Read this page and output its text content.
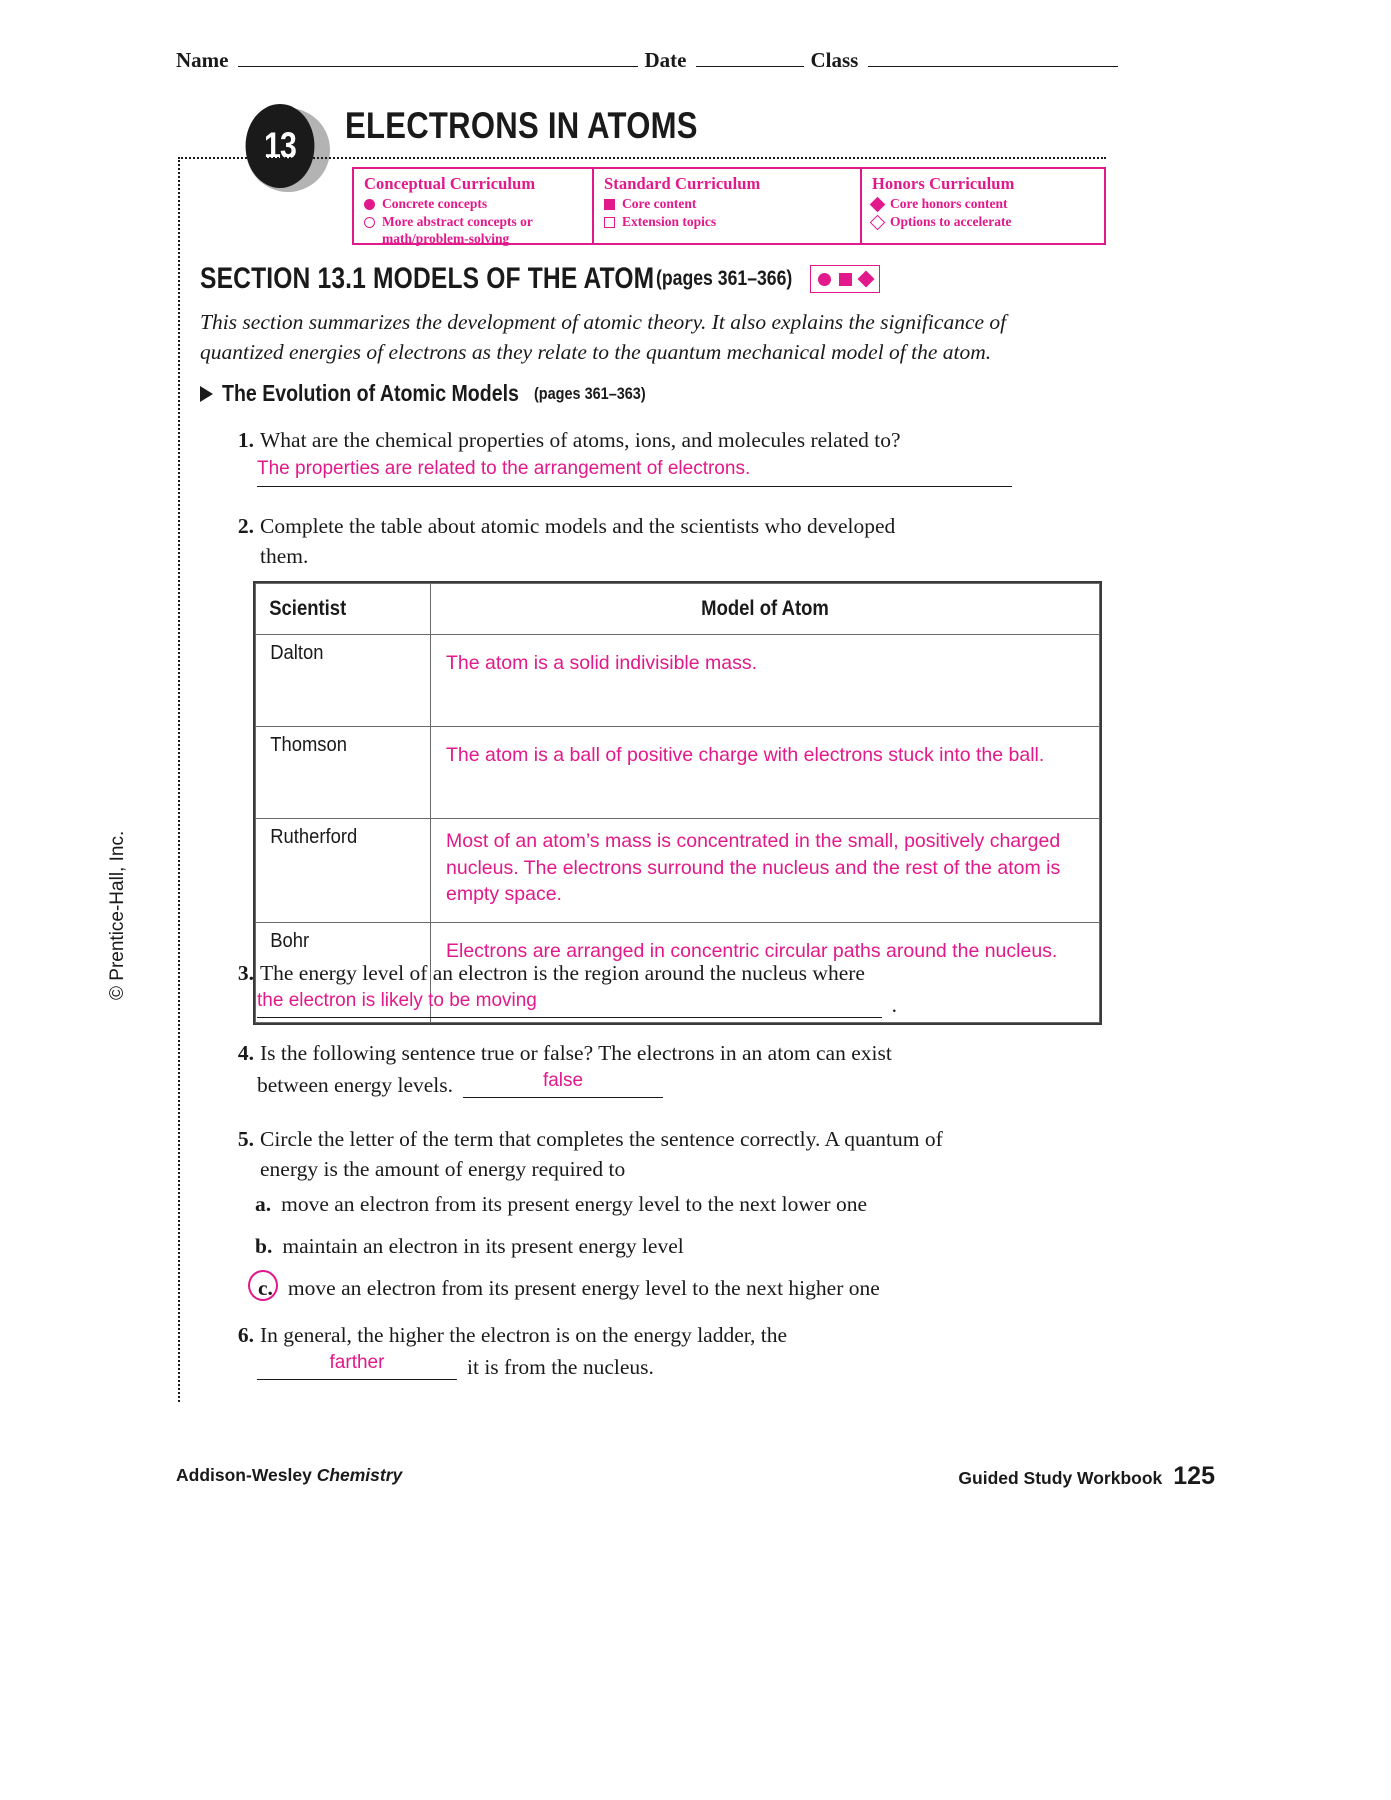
Name	Date	Class
13	ELECTRONS IN ATOMS
Conceptual Curriculum
Concrete concepts
More abstract concepts or
math/problem-solving
Standard Curriculum
Core content
Extension topics
Honors Curriculum
Core honors content
Options to accelerate
SECTION 13.1 MODELS OF THE ATOM (pages 361–366)
This section summarizes the development of atomic theory. It also explains the significance of quantized energies of electrons as they relate to the quantum mechanical model of the atom.
The Evolution of Atomic Models (pages 361–363)
1. What are the chemical properties of atoms, ions, and molecules related to?
The properties are related to the arrangement of electrons.
2. Complete the table about atomic models and the scientists who developed them.
Scientist	Model of Atom

Dalton	The atom is a solid indivisible mass.
Thomson	The atom is a ball of positive charge with electrons stuck into the ball.
Rutherford	Most of an atom’s mass is concentrated in the small, positively charged nucleus. The electrons surround the nucleus and the rest of the atom is empty space.
Bohr	Electrons are arranged in concentric circular paths around the nucleus.
3. The energy level of an electron is the region around the nucleus where
the electron is likely to be moving	.
4. Is the following sentence true or false? The electrons in an atom can exist
between energy levels.	false
5. Circle the letter of the term that completes the sentence correctly. A quantum of energy is the amount of energy required to
a. move an electron from its present energy level to the next lower one
b. maintain an electron in its present energy level
c. move an electron from its present energy level to the next higher one
6. In general, the higher the electron is on the energy ladder, the
farther	it is from the nucleus.
© Prentice-Hall, Inc.
Addison-Wesley Chemistry	Guided Study Workbook 125
